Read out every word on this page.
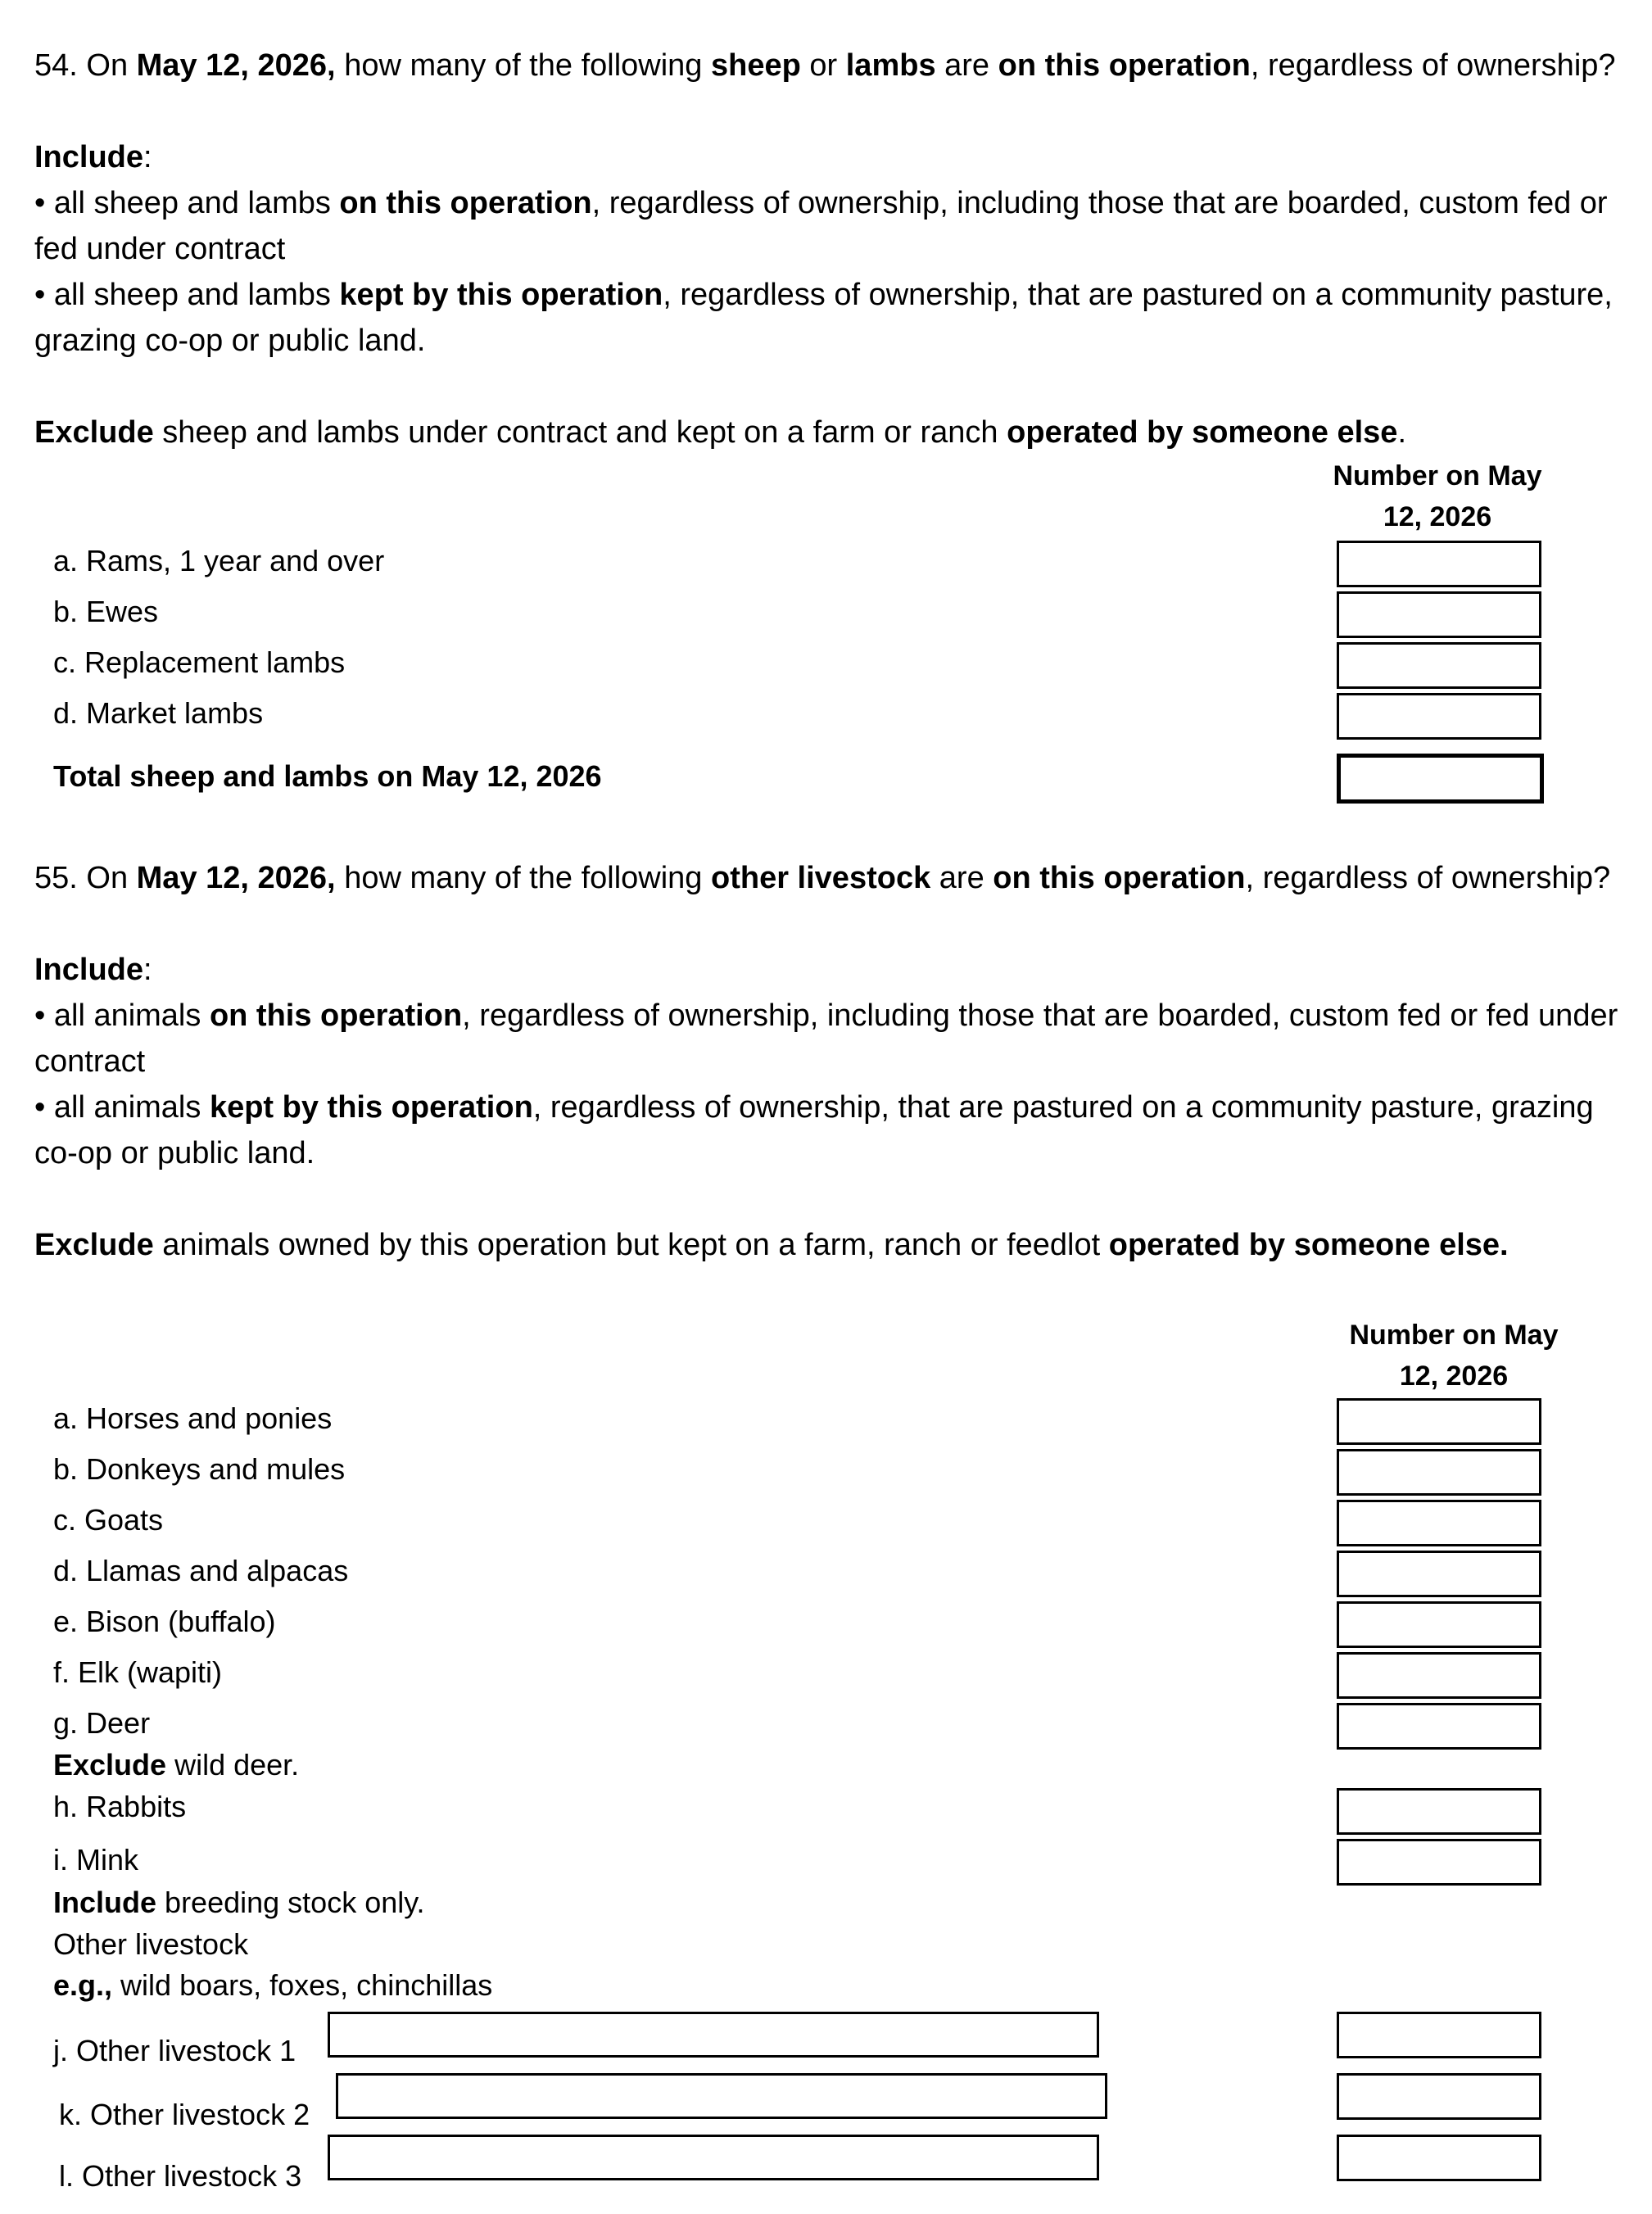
54. On May 12, 2026, how many of the following sheep or lambs are on this operation, regardless of ownership?
Include:
• all sheep and lambs on this operation, regardless of ownership, including those that are boarded, custom fed or fed under contract
• all sheep and lambs kept by this operation, regardless of ownership, that are pastured on a community pasture, grazing co-op or public land.
Exclude sheep and lambs under contract and kept on a farm or ranch operated by someone else.
Number on May
12, 2026
a. Rams, 1 year and over
b. Ewes
c. Replacement lambs
d. Market lambs
Total sheep and lambs on May 12, 2026
55. On May 12, 2026, how many of the following other livestock are on this operation, regardless of ownership?
Include:
• all animals on this operation, regardless of ownership, including those that are boarded, custom fed or fed under contract
• all animals kept by this operation, regardless of ownership, that are pastured on a community pasture, grazing co-op or public land.
Exclude animals owned by this operation but kept on a farm, ranch or feedlot operated by someone else.
Number on May
12, 2026
a. Horses and ponies
b. Donkeys and mules
c. Goats
d. Llamas and alpacas
e. Bison (buffalo)
f. Elk (wapiti)
g. Deer
Exclude wild deer.
h. Rabbits
i. Mink
Include breeding stock only.
Other livestock
e.g., wild boars, foxes, chinchillas
j. Other livestock 1
k. Other livestock 2
l. Other livestock 3
